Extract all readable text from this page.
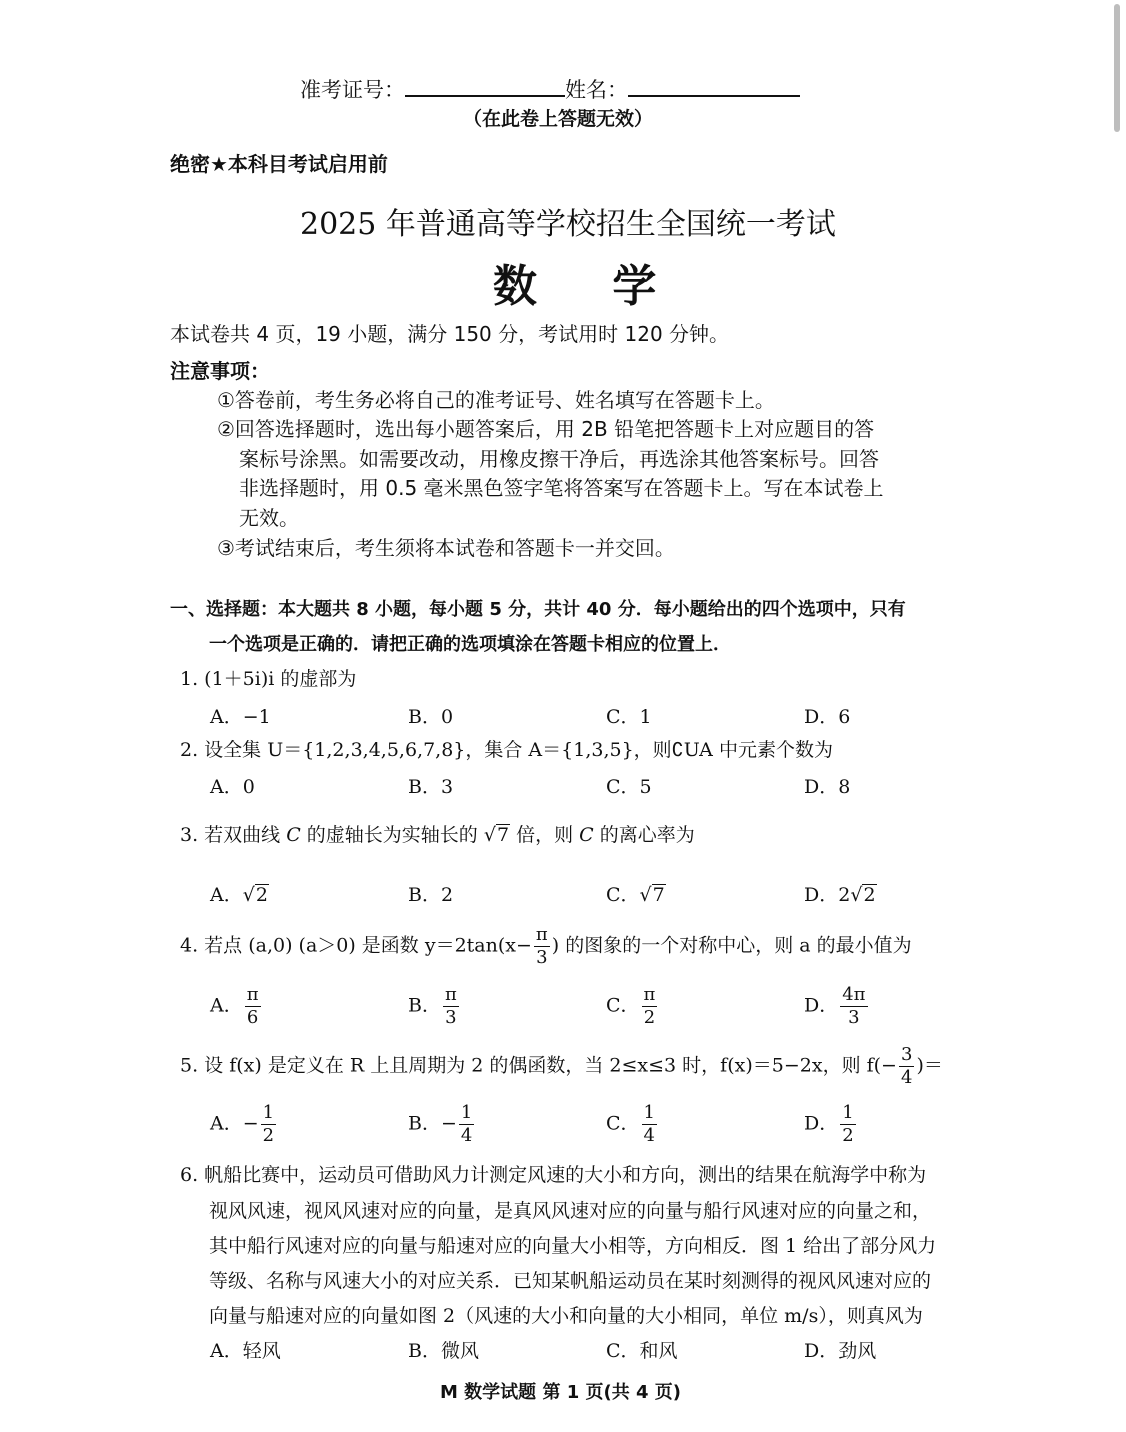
准考证号：	姓名：
（在此卷上答题无效）
绝密★本科目考试启用前
2025 年普通高等学校招生全国统一考试
数 学
本试卷共 4 页，19 小题，满分 150 分，考试用时 120 分钟。
注意事项：
①答卷前，考生务必将自己的准考证号、姓名填写在答题卡上。
②回答选择题时，选出每小题答案后，用 2B 铅笔把答题卡上对应题目的答
案标号涂黑。如需要改动，用橡皮擦干净后，再选涂其他答案标号。回答
非选择题时，用 0.5 毫米黑色签字笔将答案写在答题卡上。写在本试卷上
无效。
③考试结束后，考生须将本试卷和答题卡一并交回。
一、选择题：本大题共 8 小题，每小题 5 分，共计 40 分．每小题给出的四个选项中，只有
一个选项是正确的．请把正确的选项填涂在答题卡相应的位置上．
1. (1＋5i)i 的虚部为
A．−1	B．0	C．1	D．6
2. 设全集 U＝{1,2,3,4,5,6,7,8}，集合 A＝{1,3,5}，则∁UA 中元素个数为
A．0	B．3	C．5	D．8
3. 若双曲线 C 的虚轴长为实轴长的 √7 倍，则 C 的离心率为
A．√2	B．2	C．√7	D．2√2
4. 若点 (a,0) (a＞0) 是函数 $y=2\tan(x- \frac{\pi}{3}$ ) 的图象的一个对称中心，则 a 的最小值为
A． $\frac{\pi}{6}$	B． $\frac{\pi}{3}$	C． $\frac{\pi}{2}$	D． $\frac{4\pi}{3}$
5. 设 f(x) 是定义在 R 上且周期为 2 的偶函数，当 2≤x≤3 时，f(x)＝5−2x，则 $f(- \frac{3}{4}$ )＝
A．− $\frac{1}{2}$	B．− $\frac{1}{4}$	C． $\frac{1}{4}$	D． $\frac{1}{2}$
6. 帆船比赛中，运动员可借助风力计测定风速的大小和方向，测出的结果在航海学中称为
视风风速，视风风速对应的向量，是真风风速对应的向量与船行风速对应的向量之和，
其中船行风速对应的向量与船速对应的向量大小相等，方向相反．图 1 给出了部分风力
等级、名称与风速大小的对应关系．已知某帆船运动员在某时刻测得的视风风速对应的
向量与船速对应的向量如图 2（风速的大小和向量的大小相同，单位 m/s），则真风为
A．轻风	B．微风	C．和风	D．劲风
M 数学试题 第 1 页(共 4 页)
